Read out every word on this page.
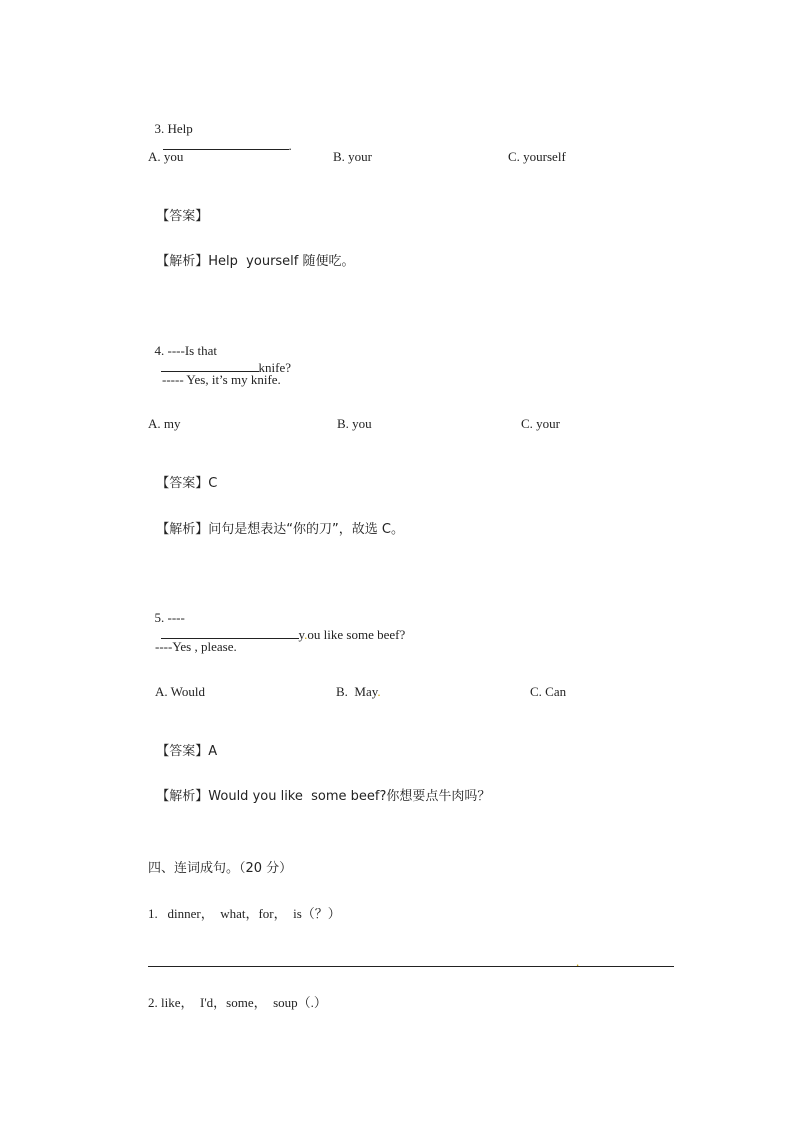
3. Help
.

A. you	B. your	C. yourself

【答案】

【解析】Help  yourself 随便吃。

4. ----Is that
knife?

----- Yes, it’s my knife.
A. my	B. you	C. your

【答案】C

【解析】问句是想表达“你的刀”，故选 C。

5. ----
y.ou like some beef?

----Yes , please.
A. Would	B.  May.	C. Can

【答案】A

【解析】Would you like  some beef?你想要点牛肉吗？

四、连词成句。（20 分）
1.   dinner，  what，for，  is（？）
.
2. like，  I'd，some，  soup（.）
